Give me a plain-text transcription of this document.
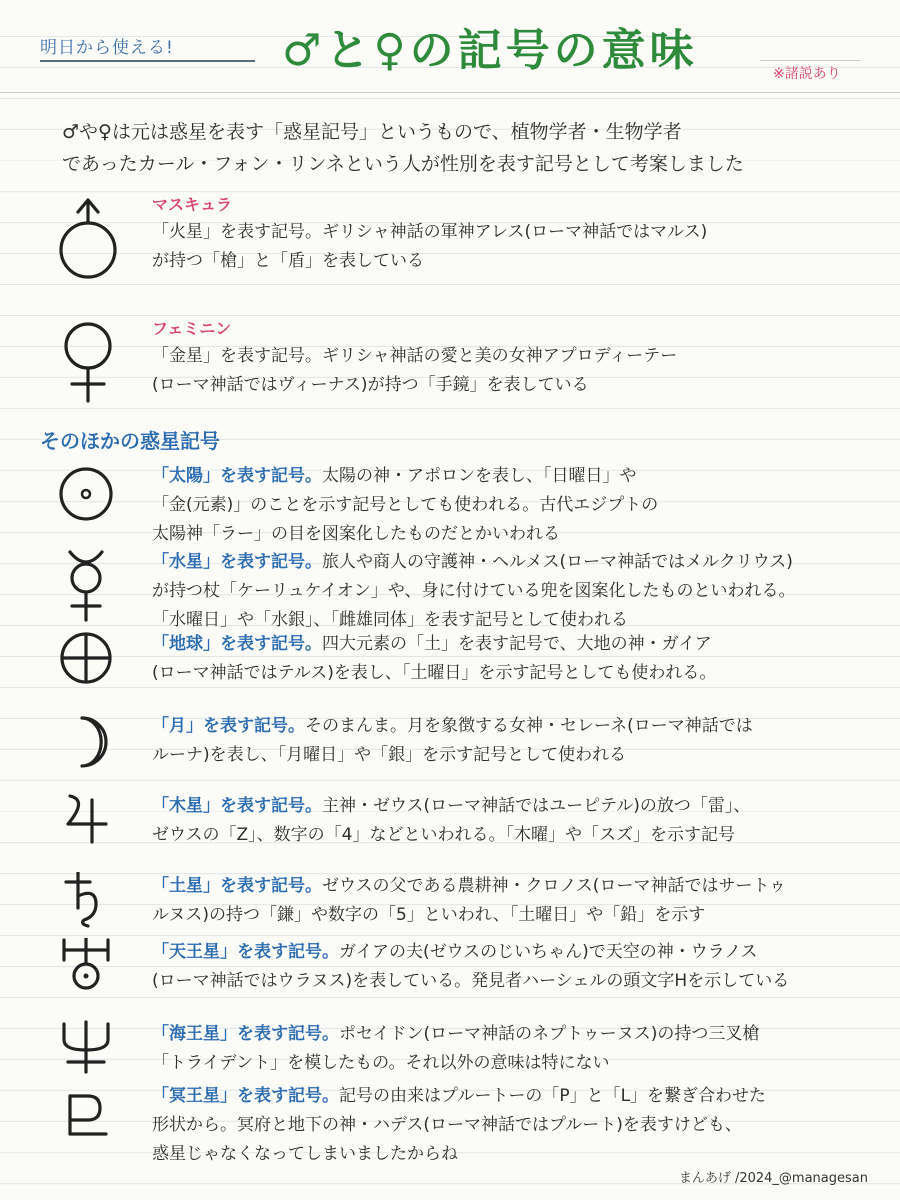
明日から使える! ♂と♀の記号の意味	※諸説あり

♂や♀は元は惑星を表す「惑星記号」というもので、植物学者・生物学者

であったカール・フォン・リンネという人が性別を表す記号として考案しました

マスキュラ
「火星」を表す記号。ギリシャ神話の軍神アレス(ローマ神話ではマルス)
が持つ「槍」と「盾」を表している
フェミニン
「金星」を表す記号。ギリシャ神話の愛と美の女神アプロディーテー
(ローマ神話ではヴィーナス)が持つ「手鏡」を表している
そのほかの惑星記号
「太陽」を表す記号。太陽の神・アポロンを表し、「日曜日」や
「金(元素)」のことを示す記号としても使われる。古代エジプトの
太陽神「ラー」の目を図案化したものだとかいわれる
「水星」を表す記号。旅人や商人の守護神・ヘルメス(ローマ神話ではメルクリウス)
が持つ杖「ケーリュケイオン」や、身に付けている兜を図案化したものといわれる。
「水曜日」や「水銀」、「雌雄同体」を表す記号として使われる
「地球」を表す記号。四大元素の「土」を表す記号で、大地の神・ガイア
(ローマ神話ではテルス)を表し、「土曜日」を示す記号としても使われる。
「月」を表す記号。そのまんま。月を象徴する女神・セレーネ(ローマ神話では
ルーナ)を表し、「月曜日」や「銀」を示す記号として使われる
「木星」を表す記号。主神・ゼウス(ローマ神話ではユーピテル)の放つ「雷」、
ゼウスの「Z」、数字の「4」などといわれる。「木曜」や「スズ」を示す記号
「土星」を表す記号。ゼウスの父である農耕神・クロノス(ローマ神話ではサートゥ
ルヌス)の持つ「鎌」や数字の「5」といわれ、「土曜日」や「鉛」を示す
「天王星」を表す記号。ガイアの夫(ゼウスのじいちゃん)で天空の神・ウラノス
(ローマ神話ではウラヌス)を表している。発見者ハーシェルの頭文字Hを示している
「海王星」を表す記号。ポセイドン(ローマ神話のネプトゥーヌス)の持つ三叉槍
「トライデント」を模したもの。それ以外の意味は特にない
「冥王星」を表す記号。記号の由来はプルートーの「P」と「L」を繋ぎ合わせた
形状から。冥府と地下の神・ハデス(ローマ神話ではプルート)を表すけども、
惑星じゃなくなってしまいましたからね
まんあげ /2024_@managesan
